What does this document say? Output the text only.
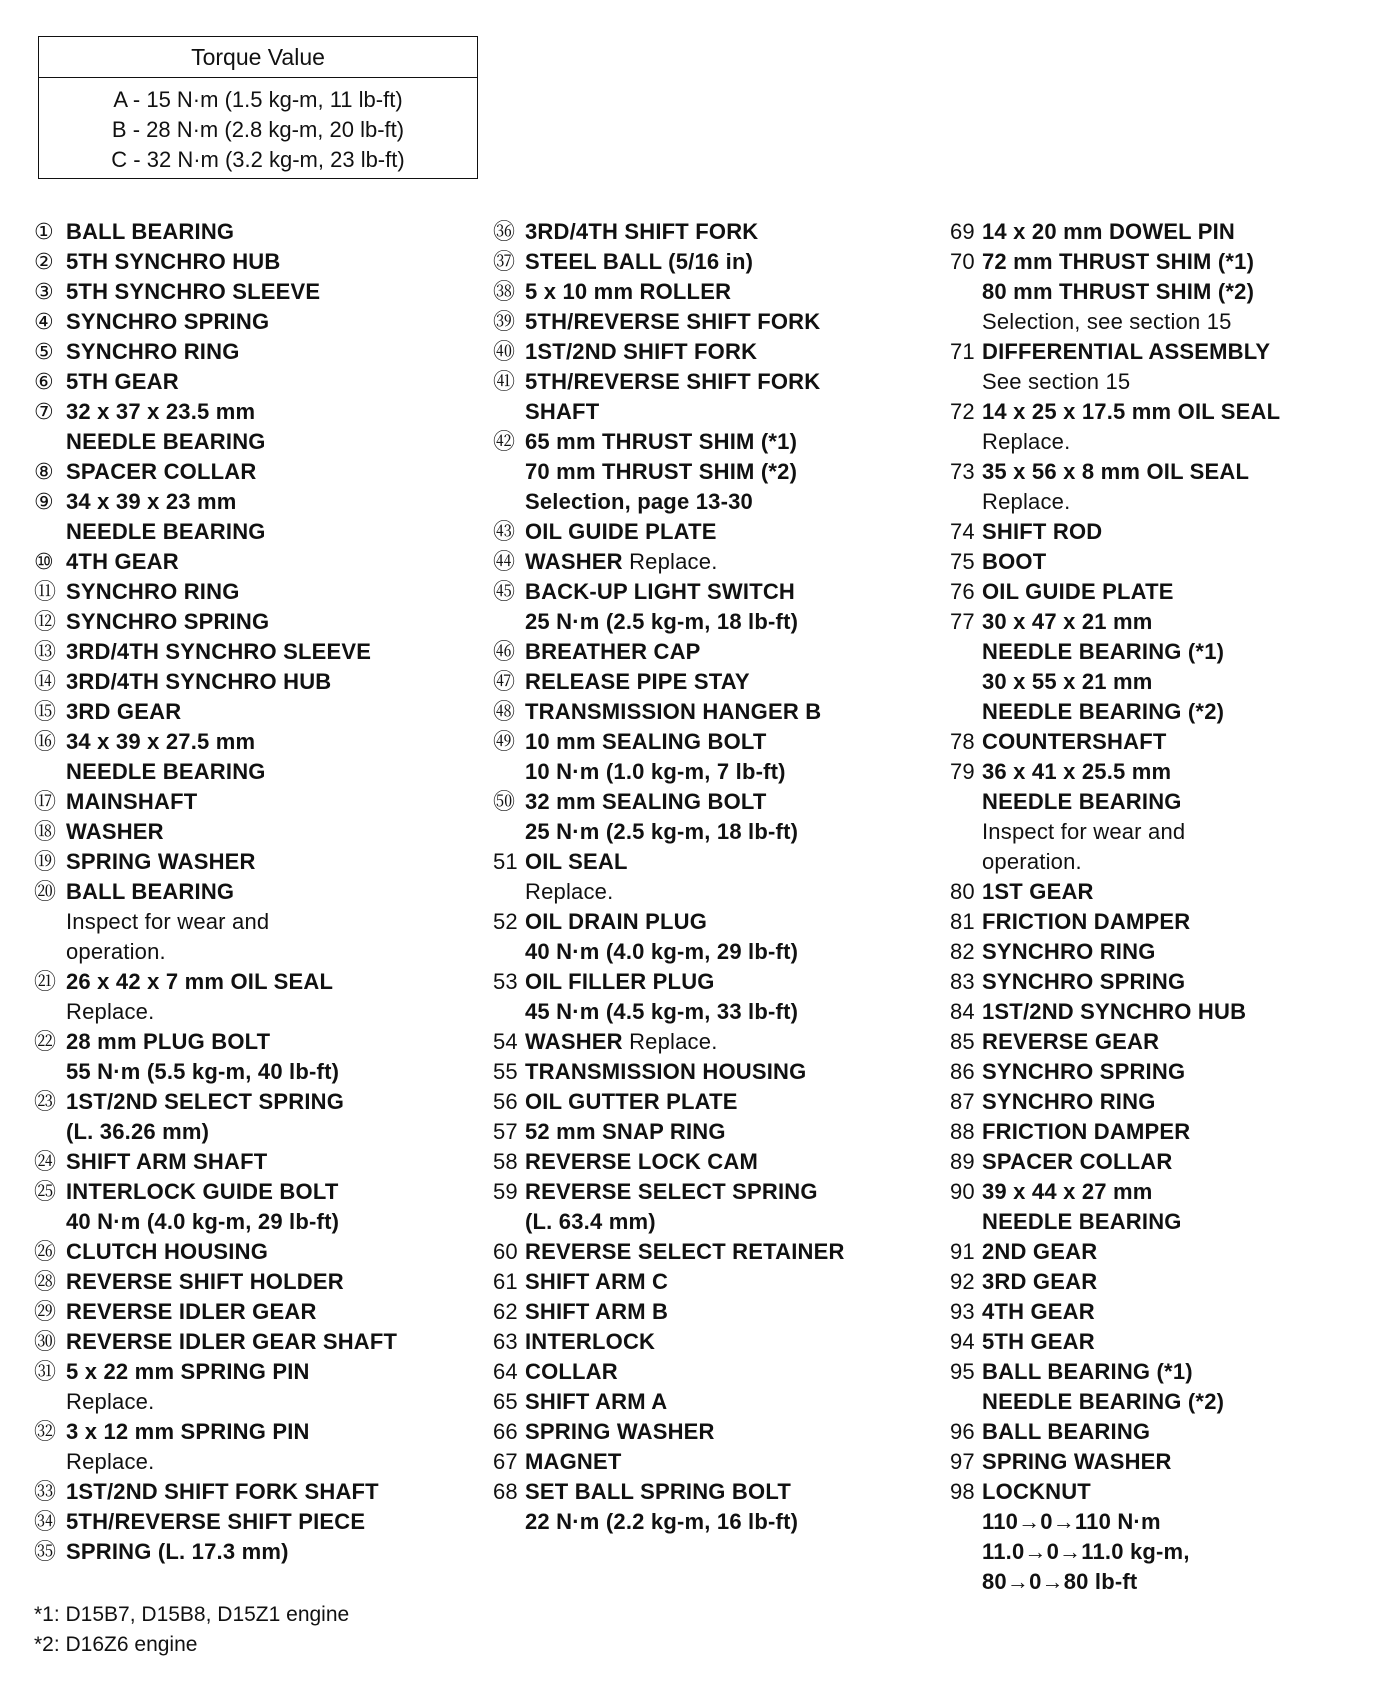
Torque Value
A - 15 N·m (1.5 kg-m, 11 lb-ft)
B - 28 N·m (2.8 kg-m, 20 lb-ft)
C - 32 N·m (3.2 kg-m, 23 lb-ft)
① BALL BEARING
② 5TH SYNCHRO HUB
③ 5TH SYNCHRO SLEEVE
④ SYNCHRO SPRING
⑤ SYNCHRO RING
⑥ 5TH GEAR
⑦ 32 x 37 x 23.5 mm
NEEDLE BEARING
⑧ SPACER COLLAR
⑨ 34 x 39 x 23 mm
NEEDLE BEARING
⑩ 4TH GEAR
⑪ SYNCHRO RING
⑫ SYNCHRO SPRING
⑬ 3RD/4TH SYNCHRO SLEEVE
⑭ 3RD/4TH SYNCHRO HUB
⑮ 3RD GEAR
⑯ 34 x 39 x 27.5 mm
NEEDLE BEARING
⑰ MAINSHAFT
⑱ WASHER
⑲ SPRING WASHER
⑳ BALL BEARING
Inspect for wear and
operation.
㉑ 26 x 42 x 7 mm OIL SEAL
Replace.
㉒ 28 mm PLUG BOLT
55 N·m (5.5 kg-m, 40 lb-ft)
㉓ 1ST/2ND SELECT SPRING
(L. 36.26 mm)
㉔ SHIFT ARM SHAFT
㉕ INTERLOCK GUIDE BOLT
40 N·m (4.0 kg-m, 29 lb-ft)
㉖ CLUTCH HOUSING
㉘ REVERSE SHIFT HOLDER
㉙ REVERSE IDLER GEAR
㉚ REVERSE IDLER GEAR SHAFT
㉛ 5 x 22 mm SPRING PIN
Replace.
㉜ 3 x 12 mm SPRING PIN
Replace.
㉝ 1ST/2ND SHIFT FORK SHAFT
㉞ 5TH/REVERSE SHIFT PIECE
㉟ SPRING (L. 17.3 mm)
㊱ 3RD/4TH SHIFT FORK
㊲ STEEL BALL (5/16 in)
㊳ 5 x 10 mm ROLLER
㊴ 5TH/REVERSE SHIFT FORK
㊵ 1ST/2ND SHIFT FORK
㊶ 5TH/REVERSE SHIFT FORK
SHAFT
㊷ 65 mm THRUST SHIM (*1)
70 mm THRUST SHIM (*2)
Selection, page 13-30
㊸ OIL GUIDE PLATE
㊹ WASHER Replace.
㊺ BACK-UP LIGHT SWITCH
25 N·m (2.5 kg-m, 18 lb-ft)
㊻ BREATHER CAP
㊼ RELEASE PIPE STAY
㊽ TRANSMISSION HANGER B
㊾ 10 mm SEALING BOLT
10 N·m (1.0 kg-m, 7 lb-ft)
㊿ 32 mm SEALING BOLT
25 N·m (2.5 kg-m, 18 lb-ft)
51 OIL SEAL
Replace.
52 OIL DRAIN PLUG
40 N·m (4.0 kg-m, 29 lb-ft)
53 OIL FILLER PLUG
45 N·m (4.5 kg-m, 33 lb-ft)
54 WASHER Replace.
55 TRANSMISSION HOUSING
56 OIL GUTTER PLATE
57 52 mm SNAP RING
58 REVERSE LOCK CAM
59 REVERSE SELECT SPRING
(L. 63.4 mm)
60 REVERSE SELECT RETAINER
61 SHIFT ARM C
62 SHIFT ARM B
63 INTERLOCK
64 COLLAR
65 SHIFT ARM A
66 SPRING WASHER
67 MAGNET
68 SET BALL SPRING BOLT
22 N·m (2.2 kg-m, 16 lb-ft)
69 14 x 20 mm DOWEL PIN
70 72 mm THRUST SHIM (*1)
80 mm THRUST SHIM (*2)
Selection, see section 15
71 DIFFERENTIAL ASSEMBLY
See section 15
72 14 x 25 x 17.5 mm OIL SEAL
Replace.
73 35 x 56 x 8 mm OIL SEAL
Replace.
74 SHIFT ROD
75 BOOT
76 OIL GUIDE PLATE
77 30 x 47 x 21 mm
NEEDLE BEARING (*1)
30 x 55 x 21 mm
NEEDLE BEARING (*2)
78 COUNTERSHAFT
79 36 x 41 x 25.5 mm
NEEDLE BEARING
Inspect for wear and
operation.
80 1ST GEAR
81 FRICTION DAMPER
82 SYNCHRO RING
83 SYNCHRO SPRING
84 1ST/2ND SYNCHRO HUB
85 REVERSE GEAR
86 SYNCHRO SPRING
87 SYNCHRO RING
88 FRICTION DAMPER
89 SPACER COLLAR
90 39 x 44 x 27 mm
NEEDLE BEARING
91 2ND GEAR
92 3RD GEAR
93 4TH GEAR
94 5TH GEAR
95 BALL BEARING (*1)
NEEDLE BEARING (*2)
96 BALL BEARING
97 SPRING WASHER
98 LOCKNUT
110→0→110 N·m
11.0→0→11.0 kg-m,
80→0→80 lb-ft
*1: D15B7, D15B8, D15Z1 engine
*2: D16Z6 engine
